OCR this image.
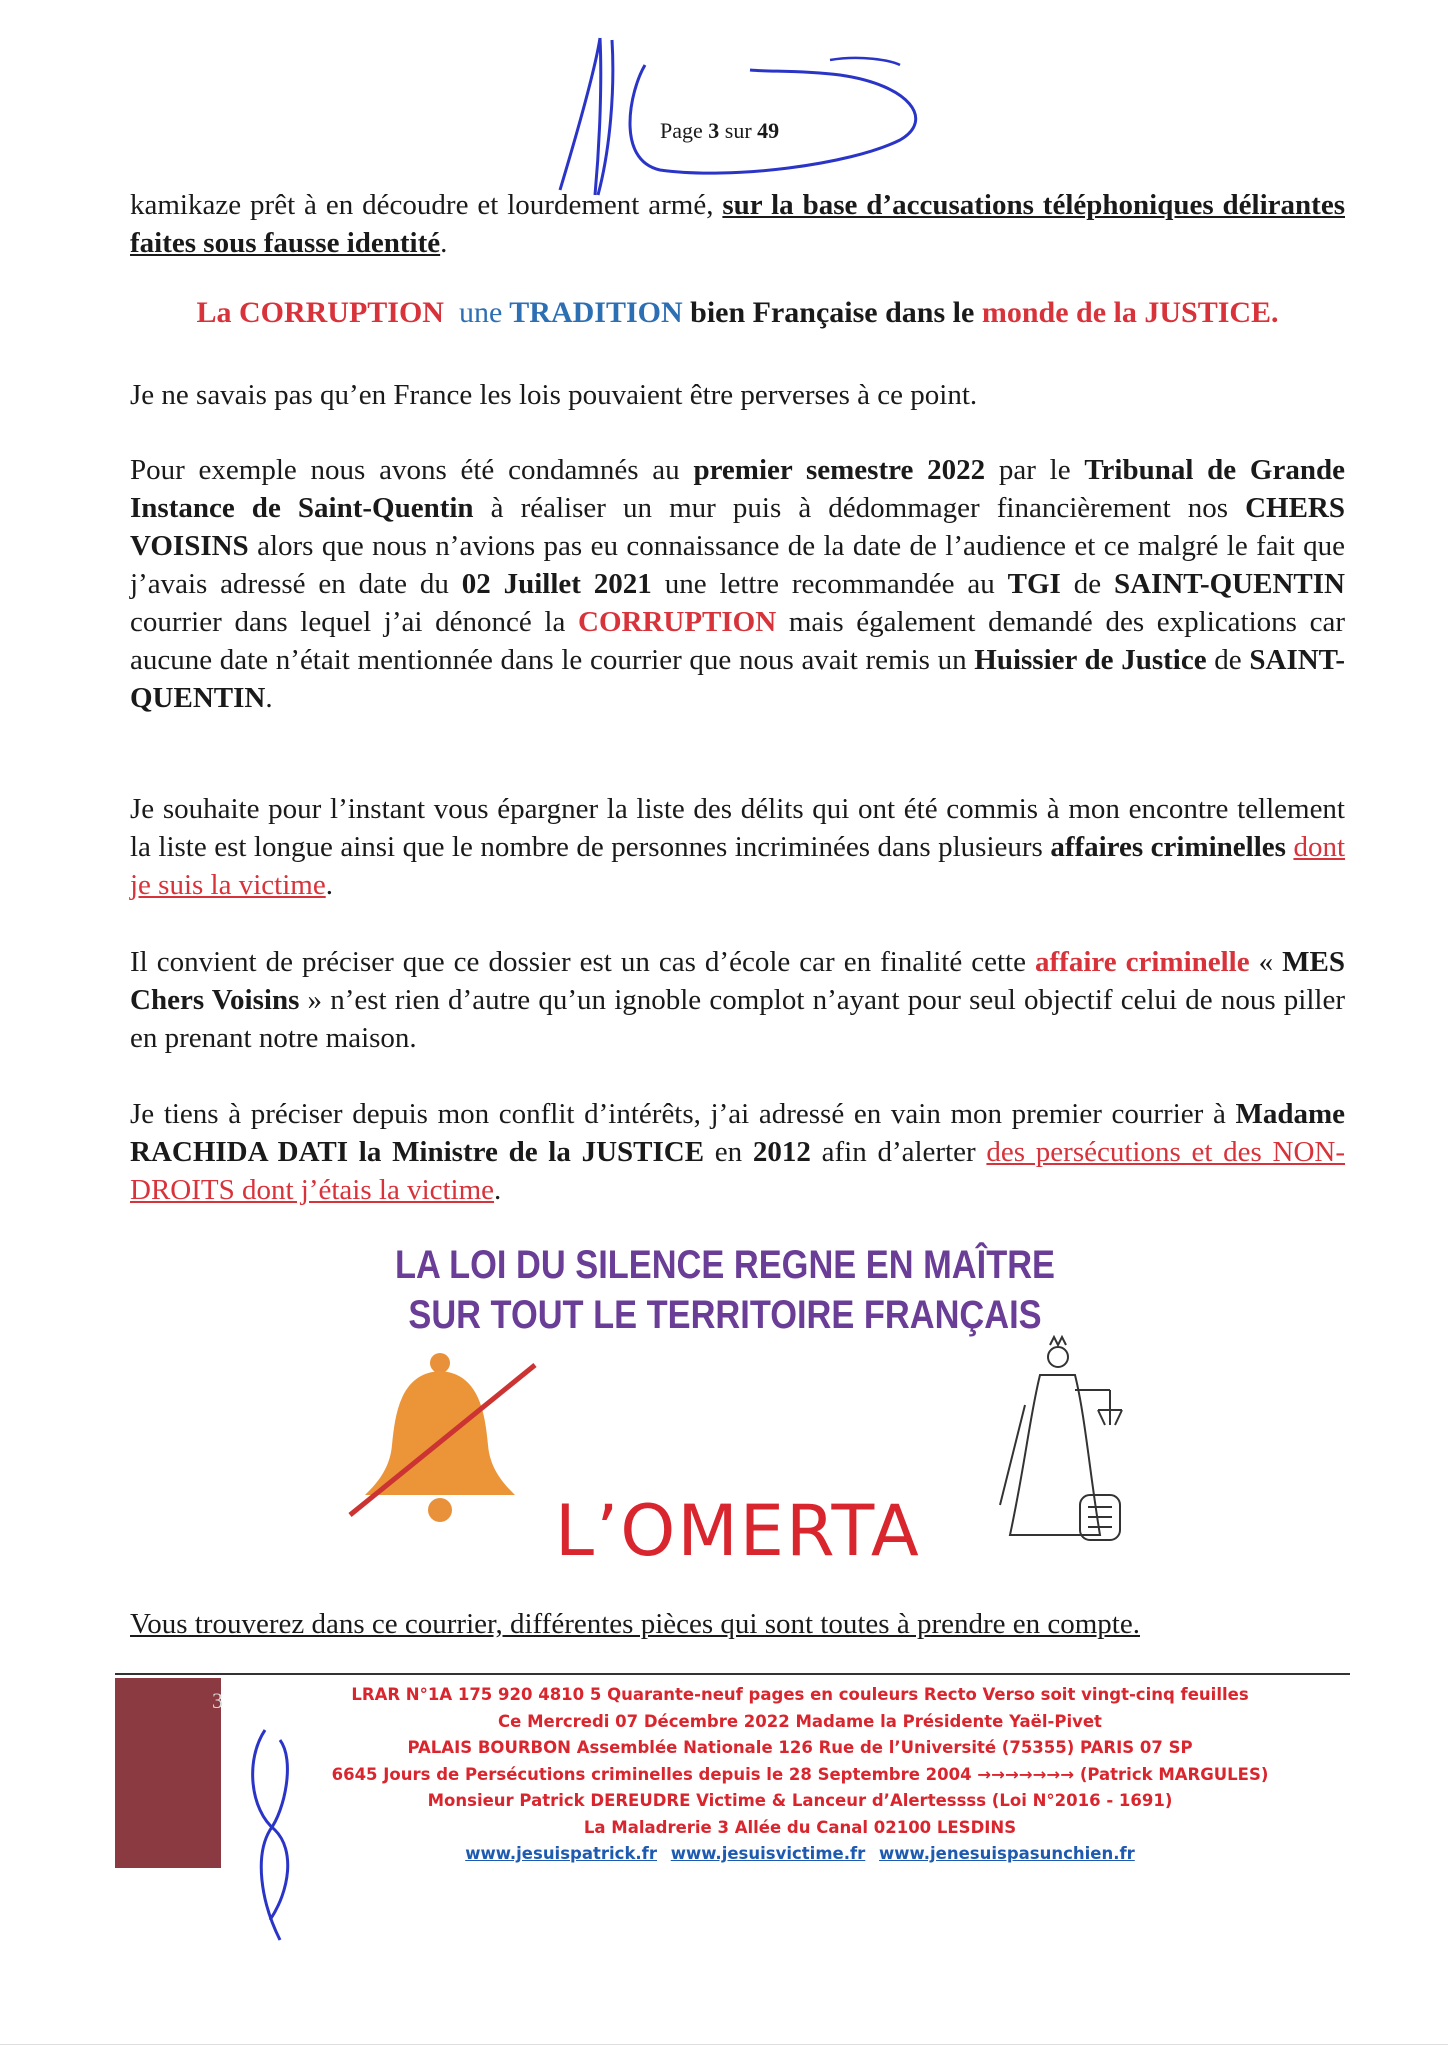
Page 3 sur 49
kamikaze prêt à en découdre et lourdement armé, sur la base d’accusations téléphoniques délirantes faites sous fausse identité.
La CORRUPTION une TRADITION bien Française dans le monde de la JUSTICE.
Je ne savais pas qu’en France les lois pouvaient être perverses à ce point.
Pour exemple nous avons été condamnés au premier semestre 2022 par le Tribunal de Grande Instance de Saint-Quentin à réaliser un mur puis à dédommager financièrement nos CHERS VOISINS alors que nous n’avions pas eu connaissance de la date de l’audience et ce malgré le fait que j’avais adressé en date du 02 Juillet 2021 une lettre recommandée au TGI de SAINT-QUENTIN courrier dans lequel j’ai dénoncé la CORRUPTION mais également demandé des explications car aucune date n’était mentionnée dans le courrier que nous avait remis un Huissier de Justice de SAINT-QUENTIN.
Je souhaite pour l’instant vous épargner la liste des délits qui ont été commis à mon encontre tellement la liste est longue ainsi que le nombre de personnes incriminées dans plusieurs affaires criminelles dont je suis la victime.
Il convient de préciser que ce dossier est un cas d’école car en finalité cette affaire criminelle « MES Chers Voisins » n’est rien d’autre qu’un ignoble complot n’ayant pour seul objectif celui de nous piller en prenant notre maison.
Je tiens à préciser depuis mon conflit d’intérêts, j’ai adressé en vain mon premier courrier à Madame RACHIDA DATI la Ministre de la JUSTICE en 2012 afin d’alerter des persécutions et des NON-DROITS dont j’étais la victime.
LA LOI DU SILENCE REGNE EN MAÎTRE
SUR TOUT LE TERRITOIRE FRANÇAIS
L’OMERTA
Vous trouverez dans ce courrier, différentes pièces qui sont toutes à prendre en compte.
3	LRAR N°1A 175 920 4810 5 Quarante-neuf pages en couleurs Recto Verso soit vingt-cinq feuilles
Ce Mercredi 07 Décembre 2022 Madame la Présidente Yaël-Pivet
PALAIS BOURBON Assemblée Nationale 126 Rue de l’Université (75355) PARIS 07 SP
6645 Jours de Persécutions criminelles depuis le 28 Septembre 2004 →→→→→→→ (Patrick MARGULES)
Monsieur Patrick DEREUDRE Victime & Lanceur d’Alertessss (Loi N°2016 - 1691)
La Maladrerie 3 Allée du Canal 02100 LESDINS
www.jesuispatrick.fr www.jesuisvictime.fr www.jenesuispasunchien.fr
